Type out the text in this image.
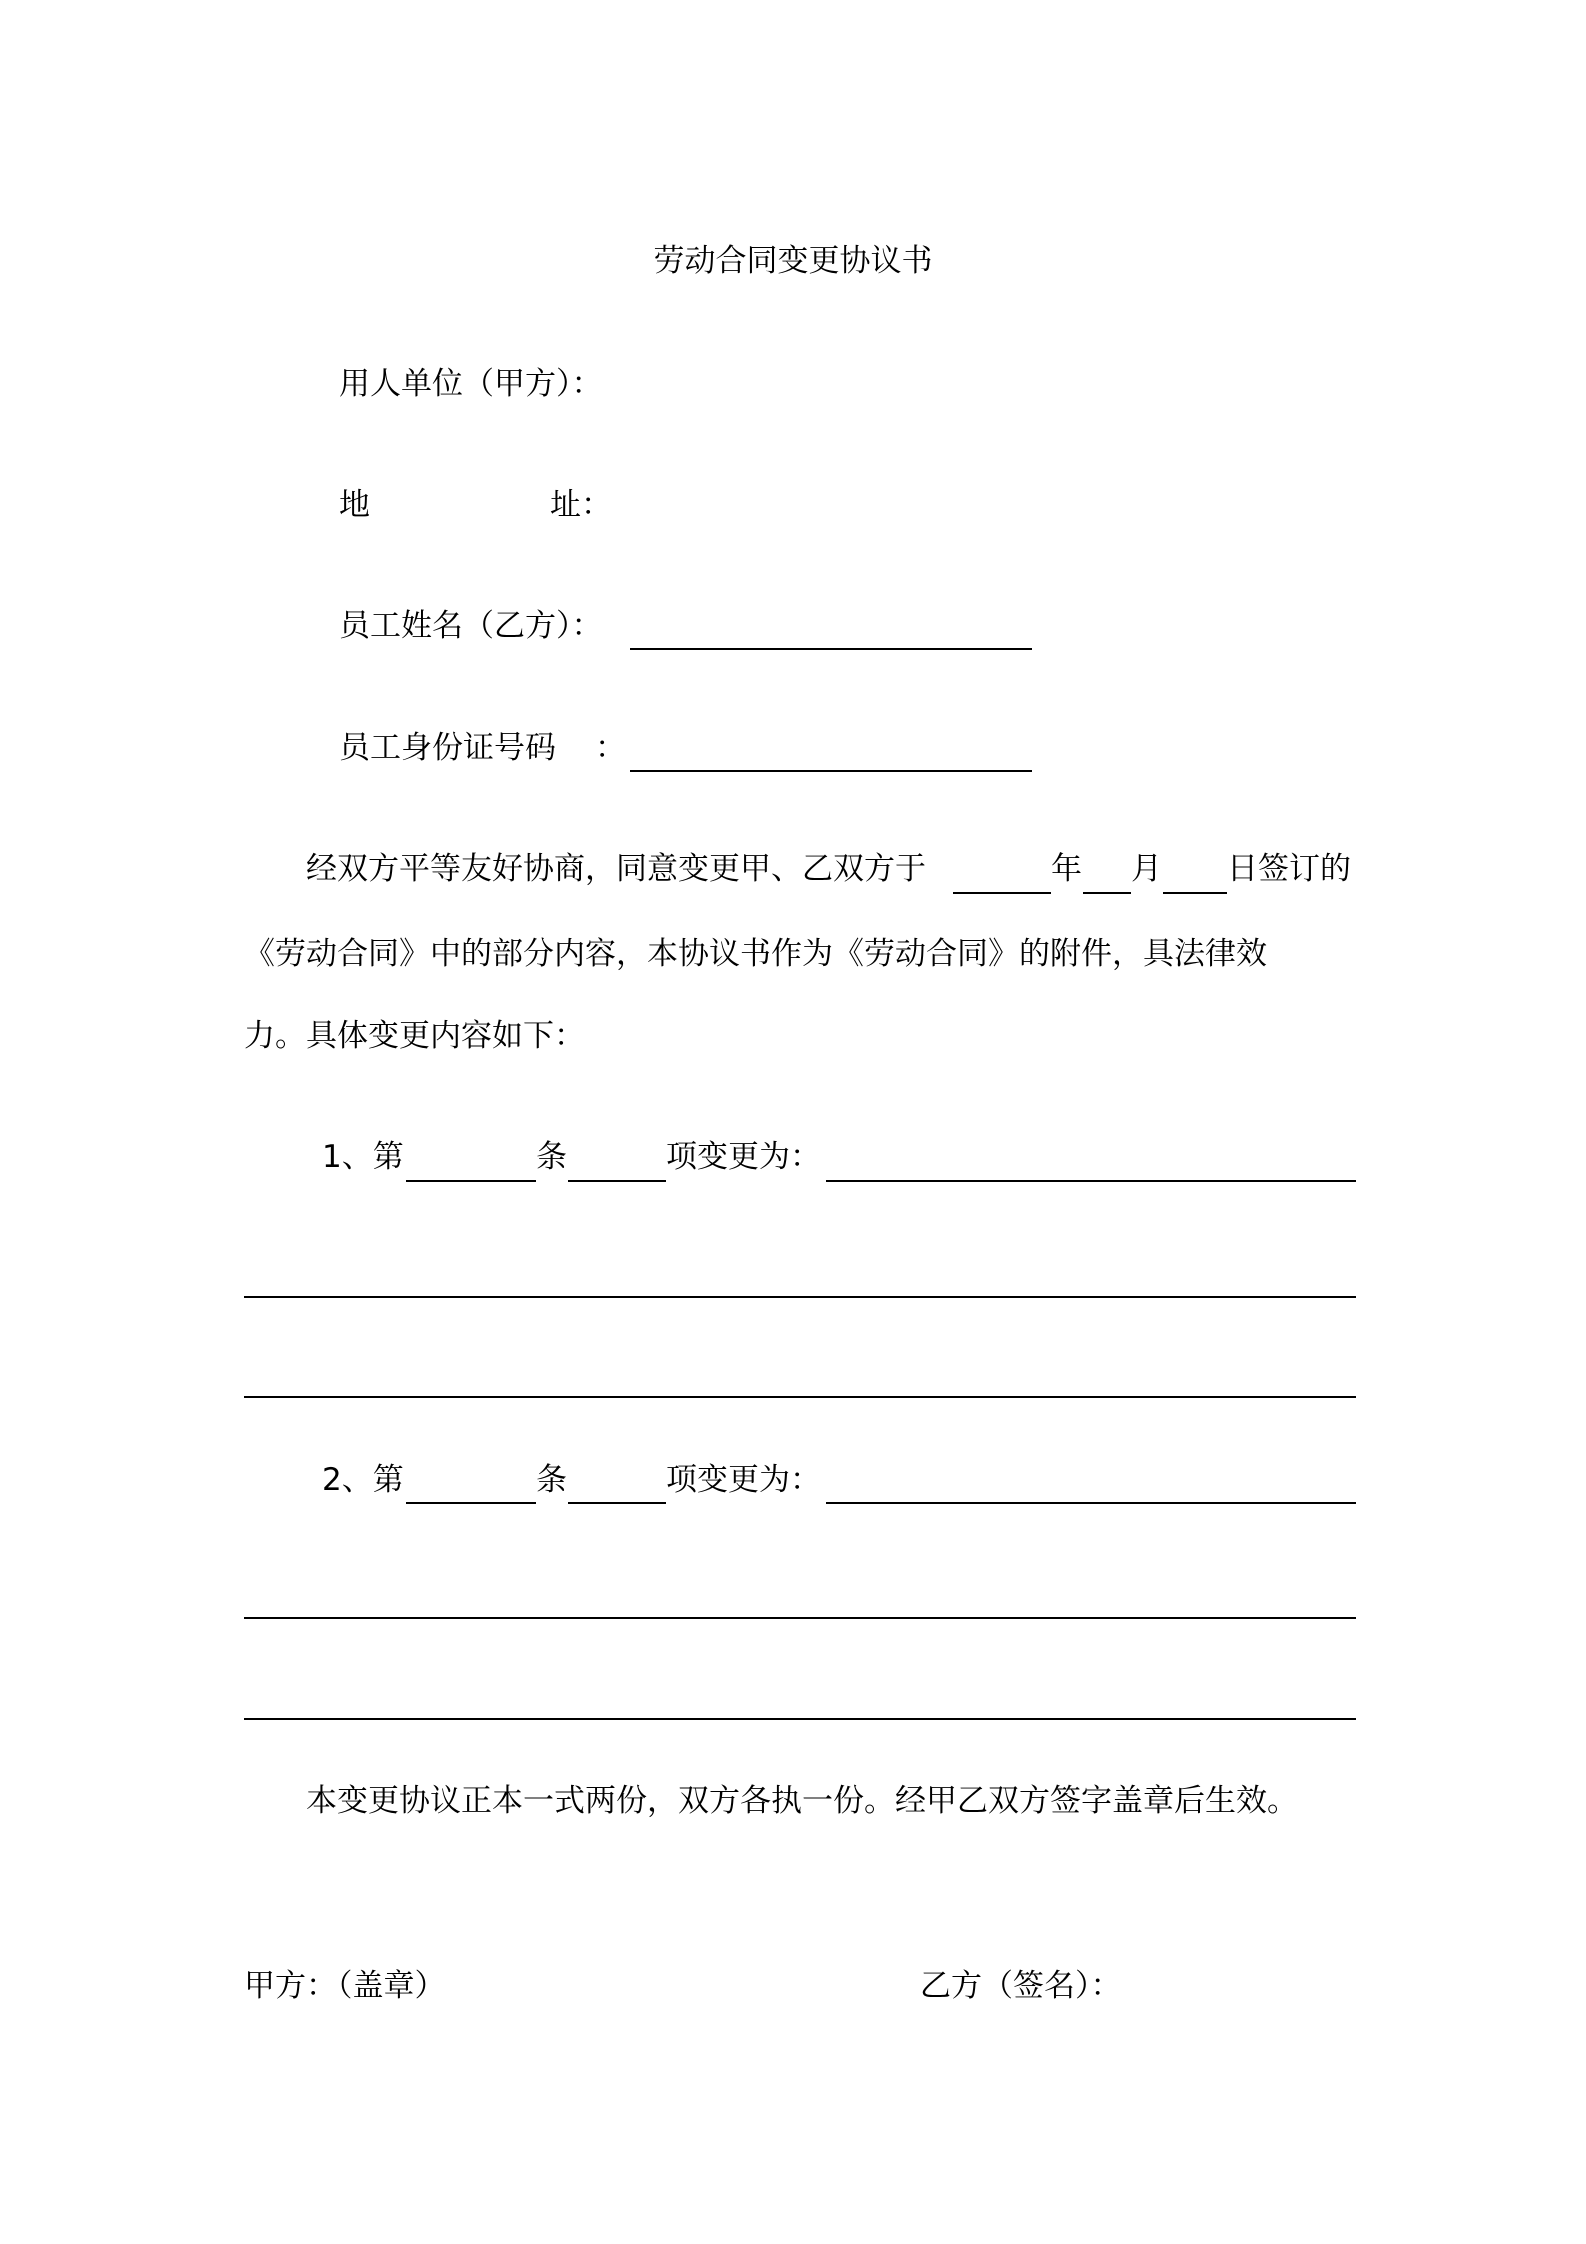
劳动合同变更协议书
用人单位（甲方）：
地	址：
员工姓名（乙方）：
员工身份证号码 ：
经双方平等友好协商，同意变更甲、乙双方于	年 月 日签订的
《劳动合同》中的部分内容，本协议书作为《劳动合同》的附件，具法律效
力。具体变更内容如下：
1、第	条	项变更为：
2、第	条	项变更为：
本变更协议正本一式两份，双方各执一份。经甲乙双方签字盖章后生效。
甲方：（盖章）	乙方（签名）：
